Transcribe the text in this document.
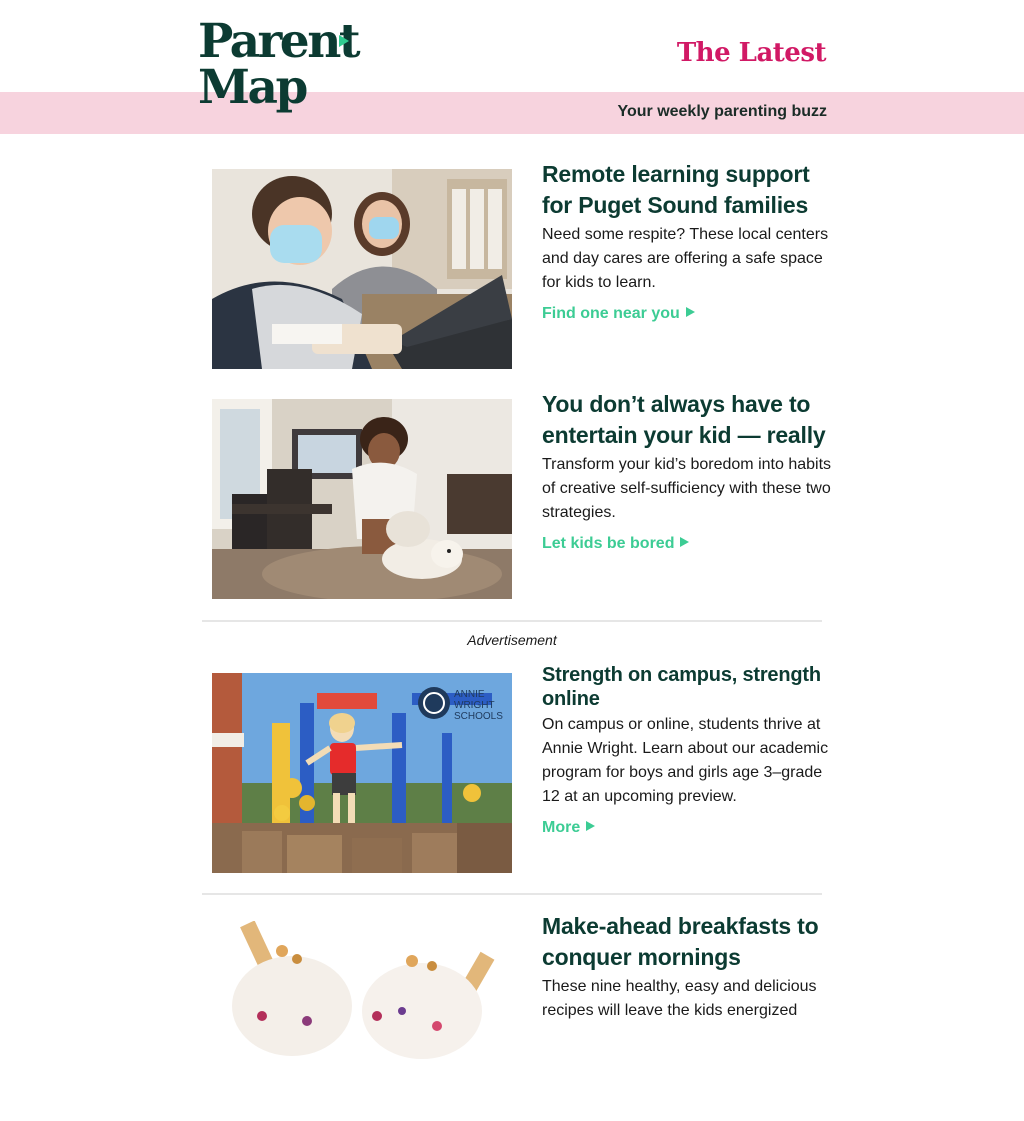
Parent
Map
The Latest
Your weekly parenting buzz

Remote learning support for Puget Sound families

Need some respite? These local centers and day cares are offering a safe space for kids to learn.

Find one near you

You don’t always have to entertain your kid — really

Transform your kid’s boredom into habits of creative self-sufficiency with these two strategies.

Let kids be bored
Advertisement
ANNIE
WRIGHT
SCHOOLS

Strength on campus, strength online

On campus or online, students thrive at Annie Wright. Learn about our academic program for boys and girls age 3–grade 12 at an upcoming preview.

More

Make-ahead breakfasts to conquer mornings

These nine healthy, easy and delicious recipes will leave the kids energized
